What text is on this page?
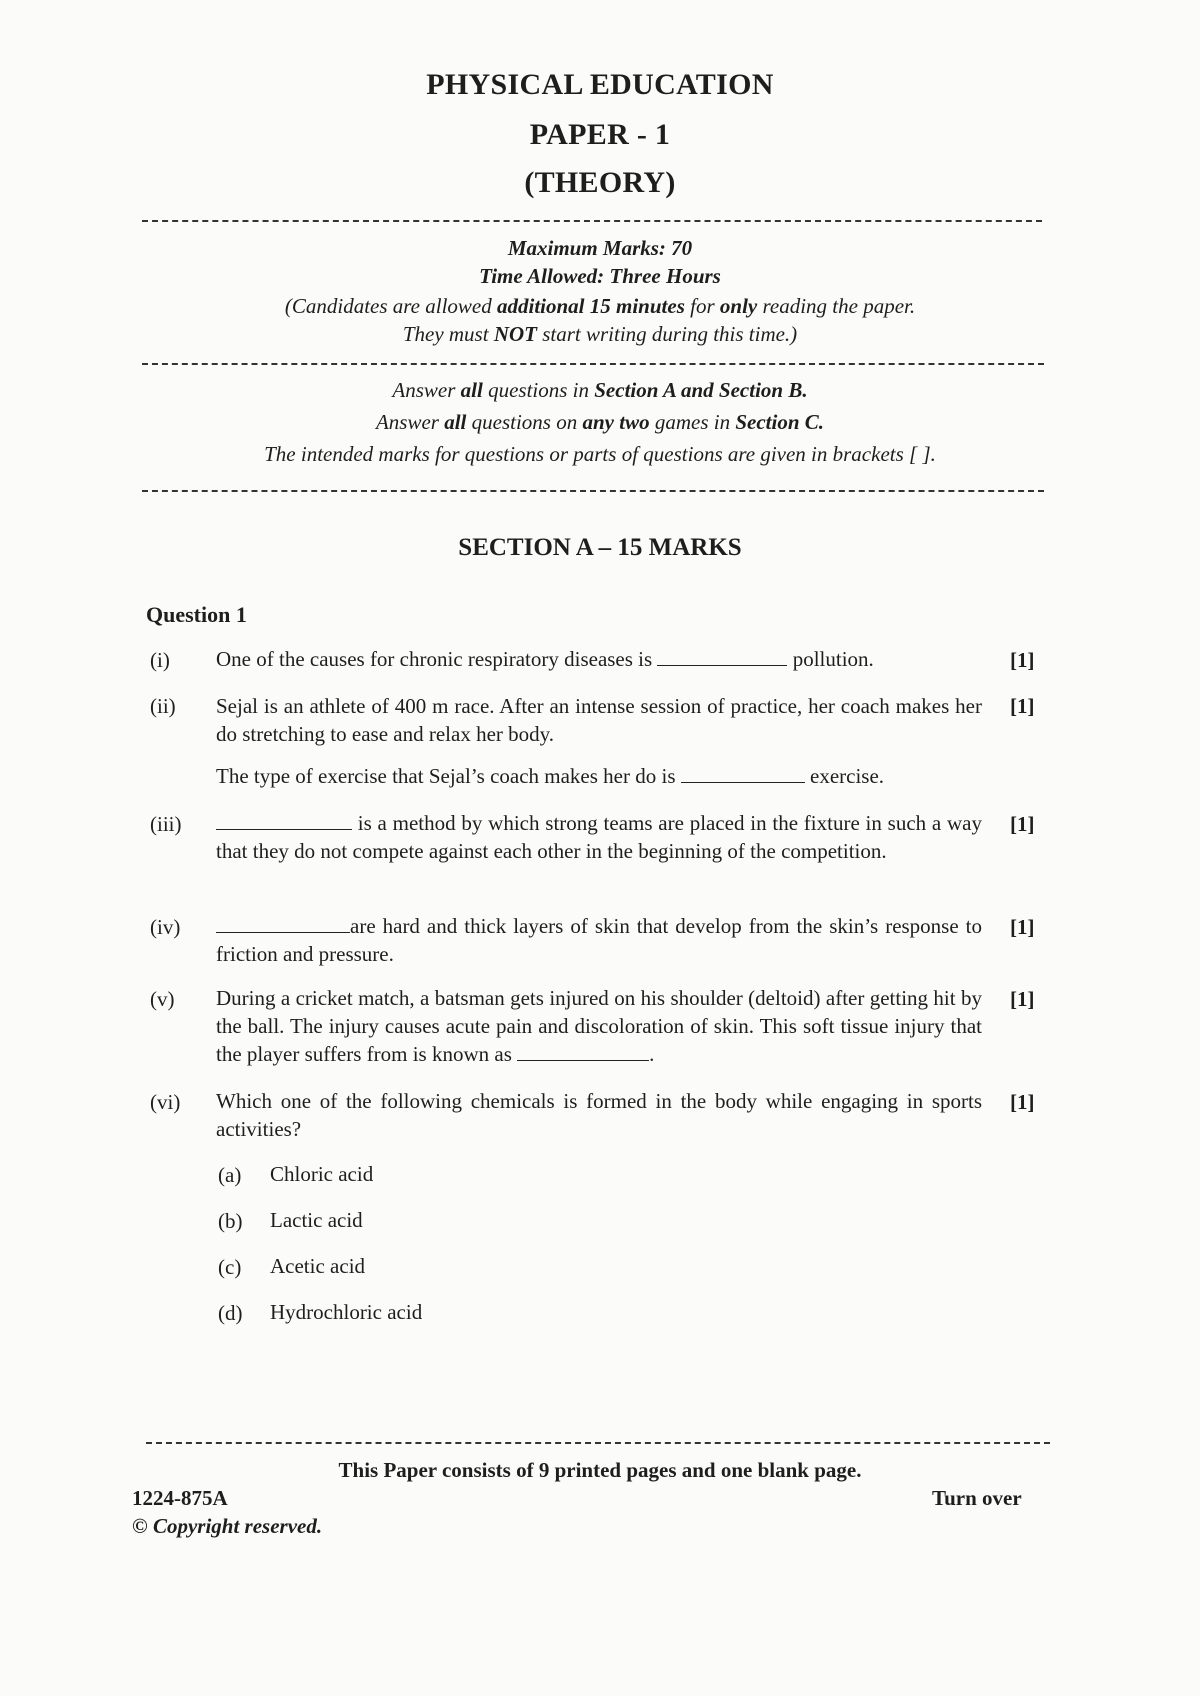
PHYSICAL EDUCATION
PAPER - 1
(THEORY)
Maximum Marks: 70
Time Allowed: Three Hours
(Candidates are allowed additional 15 minutes for only reading the paper.
They must NOT start writing during this time.)
Answer all questions in Section A and Section B.
Answer all questions on any two games in Section C.
The intended marks for questions or parts of questions are given in brackets [ ].
SECTION A – 15 MARKS
Question 1
(i)	One of the causes for chronic respiratory diseases is	pollution.	[1]
(ii)	Sejal is an athlete of 400 m race. After an intense session of practice, her coach makes her do stretching to ease and relax her body.
The type of exercise that Sejal’s coach makes her do is	exercise.
[1]
(iii)	is a method by which strong teams are placed in the fixture in such a way that they do not compete against each other in the beginning of the competition.
[1]
(iv)	are hard and thick layers of skin that develop from the skin’s response to friction and pressure.
[1]
(v)	During a cricket match, a batsman gets injured on his shoulder (deltoid) after getting hit by the ball. The injury causes acute pain and discoloration of skin. This soft tissue injury that the player suffers from is known as	.
[1]
(vi)	Which one of the following chemicals is formed in the body while engaging in sports activities?
[1]
(a) Chloric acid
(b) Lactic acid
(c) Acetic acid
(d) Hydrochloric acid
This Paper consists of 9 printed pages and one blank page.
1224-875A	Turn over
© Copyright reserved.
